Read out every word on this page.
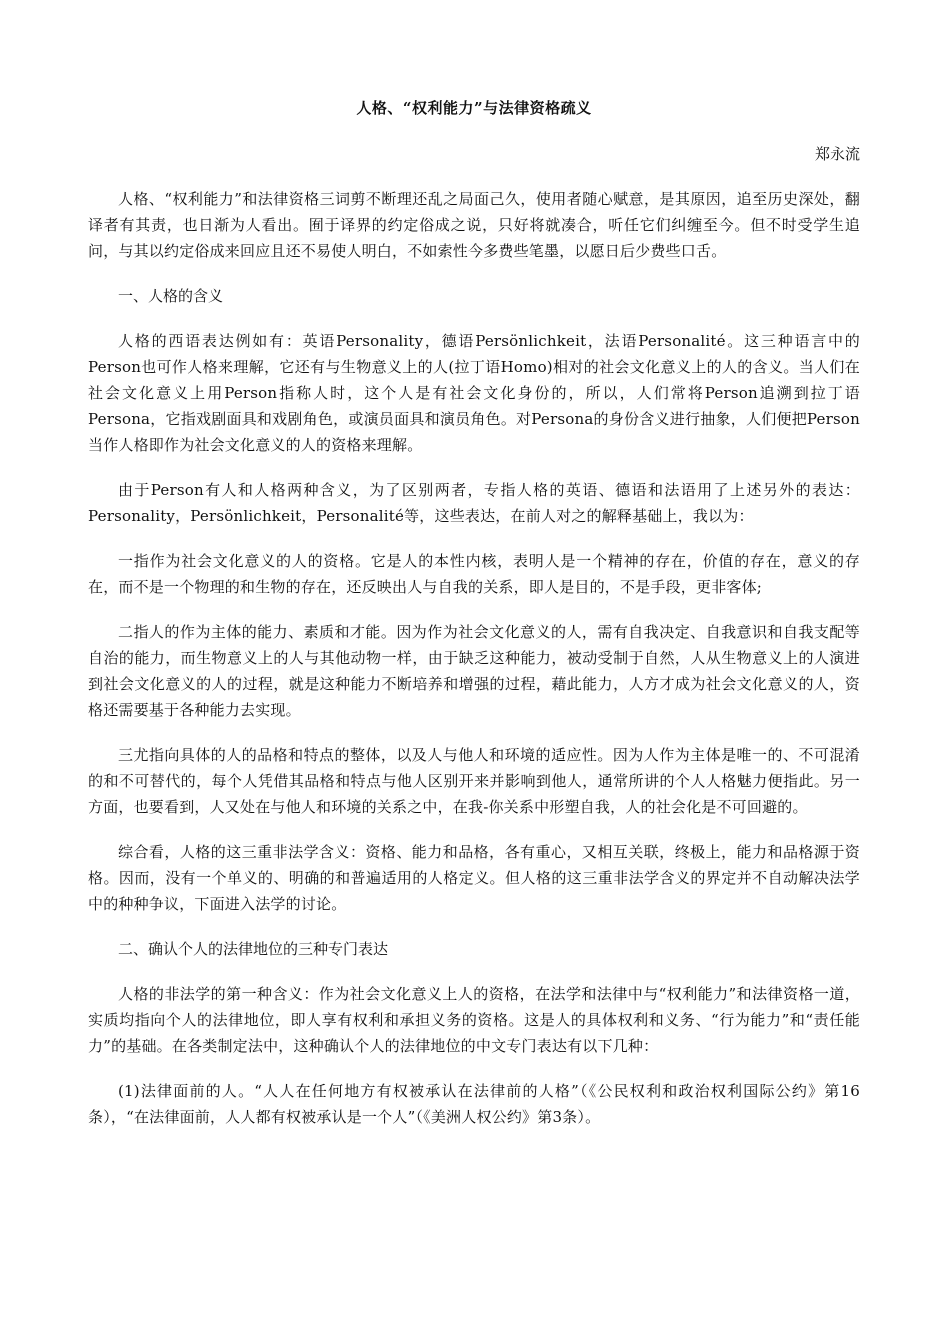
人格、“权利能力”与法律资格疏义
郑永流

人格、“权利能力”和法律资格三词剪不断理还乱之局面己久，使用者随心赋意，是其原因，追至历史深处，翻译者有其责，也日渐为人看出。囿于译界的约定俗成之说，只好将就凑合，听任它们纠缠至今。但不时受学生追问，与其以约定俗成来回应且还不易使人明白，不如索性今多费些笔墨，以愿日后少费些口舌。

一、人格的含义

人格的西语表达例如有：英语Personality，德语Persönlichkeit，法语Personalité。这三种语言中的Person也可作人格来理解，它还有与生物意义上的人(拉丁语Homo)相对的社会文化意义上的人的含义。当人们在社会文化意义上用Person指称人时，这个人是有社会文化身份的，所以，人们常将Person追溯到拉丁语Persona，它指戏剧面具和戏剧角色，或演员面具和演员角色。对Persona的身份含义进行抽象，人们便把Person当作人格即作为社会文化意义的人的资格来理解。

由于Person有人和人格两种含义，为了区别两者，专指人格的英语、德语和法语用了上述另外的表达：Personality，Persönlichkeit，Personalité等，这些表达，在前人对之的解释基础上，我以为：

一指作为社会文化意义的人的资格。它是人的本性内核，表明人是一个精神的存在，价值的存在，意义的存在，而不是一个物理的和生物的存在，还反映出人与自我的关系，即人是目的，不是手段，更非客体;

二指人的作为主体的能力、素质和才能。因为作为社会文化意义的人，需有自我决定、自我意识和自我支配等自治的能力，而生物意义上的人与其他动物一样，由于缺乏这种能力，被动受制于自然，人从生物意义上的人演进到社会文化意义的人的过程，就是这种能力不断培养和增强的过程，藉此能力，人方才成为社会文化意义的人，资格还需要基于各种能力去实现。

三尤指向具体的人的品格和特点的整体，以及人与他人和环境的适应性。因为人作为主体是唯一的、不可混淆的和不可替代的，每个人凭借其品格和特点与他人区别开来并影响到他人，通常所讲的个人人格魅力便指此。另一方面，也要看到，人又处在与他人和环境的关系之中，在我-你关系中形塑自我，人的社会化是不可回避的。

综合看，人格的这三重非法学含义：资格、能力和品格，各有重心，又相互关联，终极上，能力和品格源于资格。因而，没有一个单义的、明确的和普遍适用的人格定义。但人格的这三重非法学含义的界定并不自动解决法学中的种种争议，下面进入法学的讨论。

二、确认个人的法律地位的三种专门表达

人格的非法学的第一种含义：作为社会文化意义上人的资格，在法学和法律中与“权利能力”和法律资格一道，实质均指向个人的法律地位，即人享有权利和承担义务的资格。这是人的具体权利和义务、“行为能力”和“责任能力”的基础。在各类制定法中，这种确认个人的法律地位的中文专门表达有以下几种：

(1)法律面前的人。“人人在任何地方有权被承认在法律前的人格”（《公民权利和政治权利国际公约》第16条），“在法律面前，人人都有权被承认是一个人”（《美洲人权公约》第3条）。
